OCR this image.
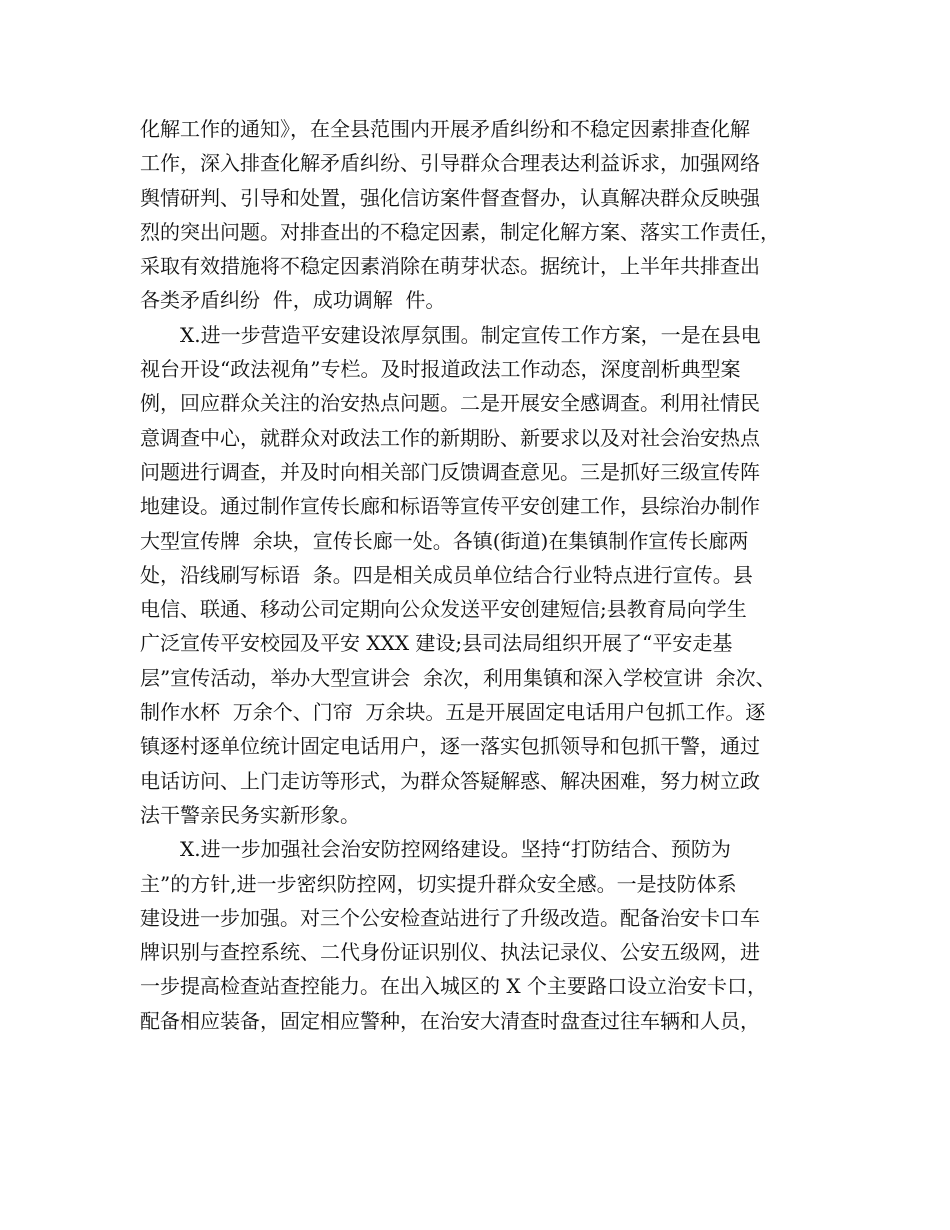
化解工作的通知》，在全县范围内开展矛盾纠纷和不稳定因素排查化解
工作，深入排查化解矛盾纠纷、引导群众合理表达利益诉求，加强网络
舆情研判、引导和处置，强化信访案件督查督办，认真解决群众反映强
烈的突出问题。对排查出的不稳定因素，制定化解方案、落实工作责任，
采取有效措施将不稳定因素消除在萌芽状态。据统计，上半年共排查出
各类矛盾纠纷  件，成功调解  件。
X.进一步营造平安建设浓厚氛围。制定宣传工作方案，一是在县电
视台开设“政法视角”专栏。及时报道政法工作动态，深度剖析典型案
例，回应群众关注的治安热点问题。二是开展安全感调查。利用社情民
意调查中心，就群众对政法工作的新期盼、新要求以及对社会治安热点
问题进行调查，并及时向相关部门反馈调查意见。三是抓好三级宣传阵
地建设。通过制作宣传长廊和标语等宣传平安创建工作，县综治办制作
大型宣传牌  余块，宣传长廊一处。各镇(街道)在集镇制作宣传长廊两
处，沿线刷写标语  条。四是相关成员单位结合行业特点进行宣传。县
电信、联通、移动公司定期向公众发送平安创建短信;县教育局向学生
广泛宣传平安校园及平安 XXX 建设;县司法局组织开展了“平安走基
层”宣传活动，举办大型宣讲会  余次，利用集镇和深入学校宣讲  余次、
制作水杯  万余个、门帘  万余块。五是开展固定电话用户包抓工作。逐
镇逐村逐单位统计固定电话用户，逐一落实包抓领导和包抓干警，通过
电话访问、上门走访等形式，为群众答疑解惑、解决困难，努力树立政
法干警亲民务实新形象。
X.进一步加强社会治安防控网络建设。坚持“打防结合、预防为
主”的方针,进一步密织防控网，切实提升群众安全感。一是技防体系
建设进一步加强。对三个公安检查站进行了升级改造。配备治安卡口车
牌识别与查控系统、二代身份证识别仪、执法记录仪、公安五级网，进
一步提高检查站查控能力。在出入城区的 X 个主要路口设立治安卡口，
配备相应装备，固定相应警种，在治安大清查时盘查过往车辆和人员，
